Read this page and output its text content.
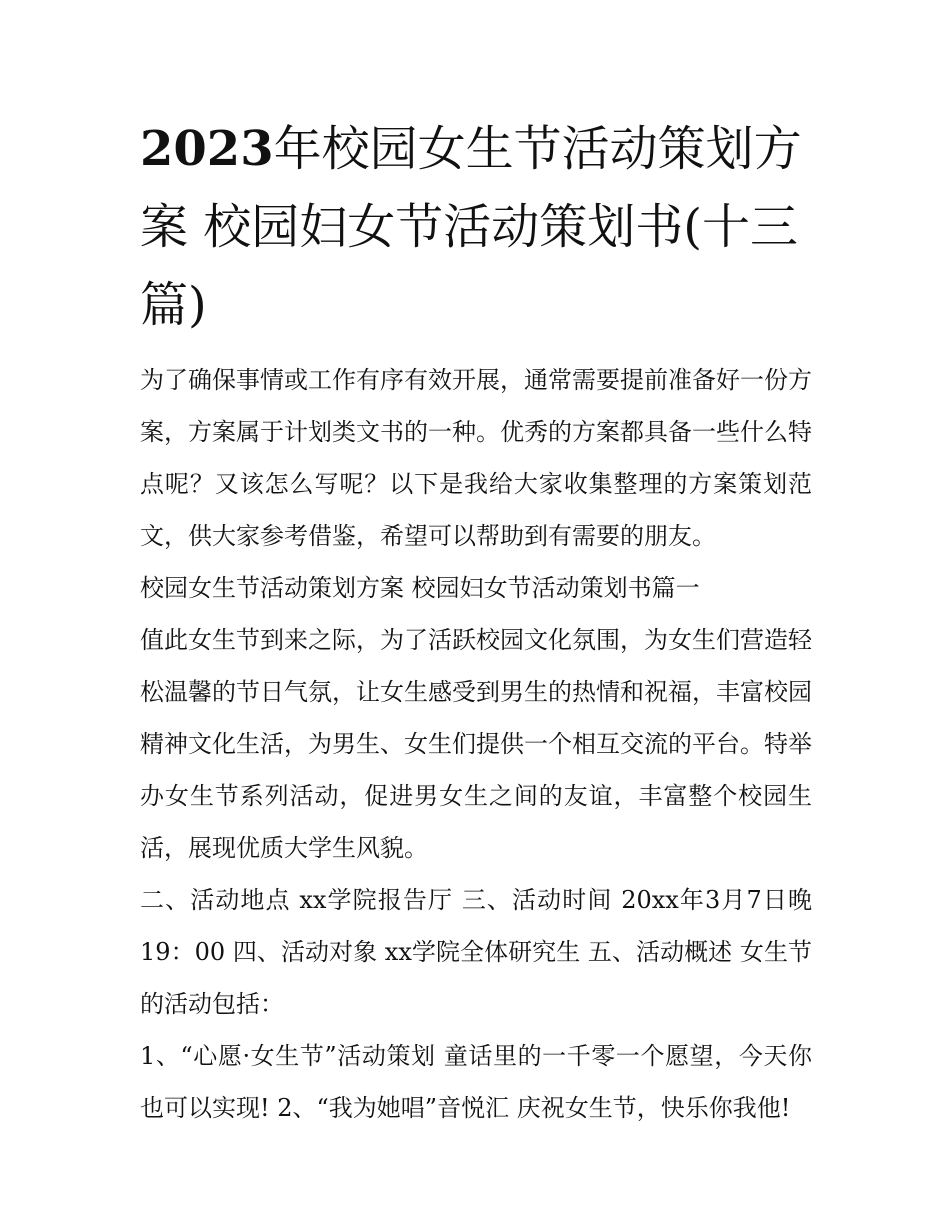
2023年校园女生节活动策划方案 校园妇女节活动策划书(十三篇)

为了确保事情或工作有序有效开展，通常需要提前准备好一份方案，方案属于计划类文书的一种。优秀的方案都具备一些什么特点呢？又该怎么写呢？以下是我给大家收集整理的方案策划范文，供大家参考借鉴，希望可以帮助到有需要的朋友。

校园女生节活动策划方案 校园妇女节活动策划书篇一

值此女生节到来之际，为了活跃校园文化氛围，为女生们营造轻松温馨的节日气氛，让女生感受到男生的热情和祝福，丰富校园精神文化生活，为男生、女生们提供一个相互交流的平台。特举办女生节系列活动，促进男女生之间的友谊，丰富整个校园生活，展现优质大学生风貌。

二、活动地点 xx学院报告厅 三、活动时间 20xx年3月7日晚19：00 四、活动对象 xx学院全体研究生 五、活动概述 女生节的活动包括：

1、“心愿·女生节”活动策划 童话里的一千零一个愿望，今天你也可以实现! 2、“我为她唱”音悦汇 庆祝女生节，快乐你我他!
